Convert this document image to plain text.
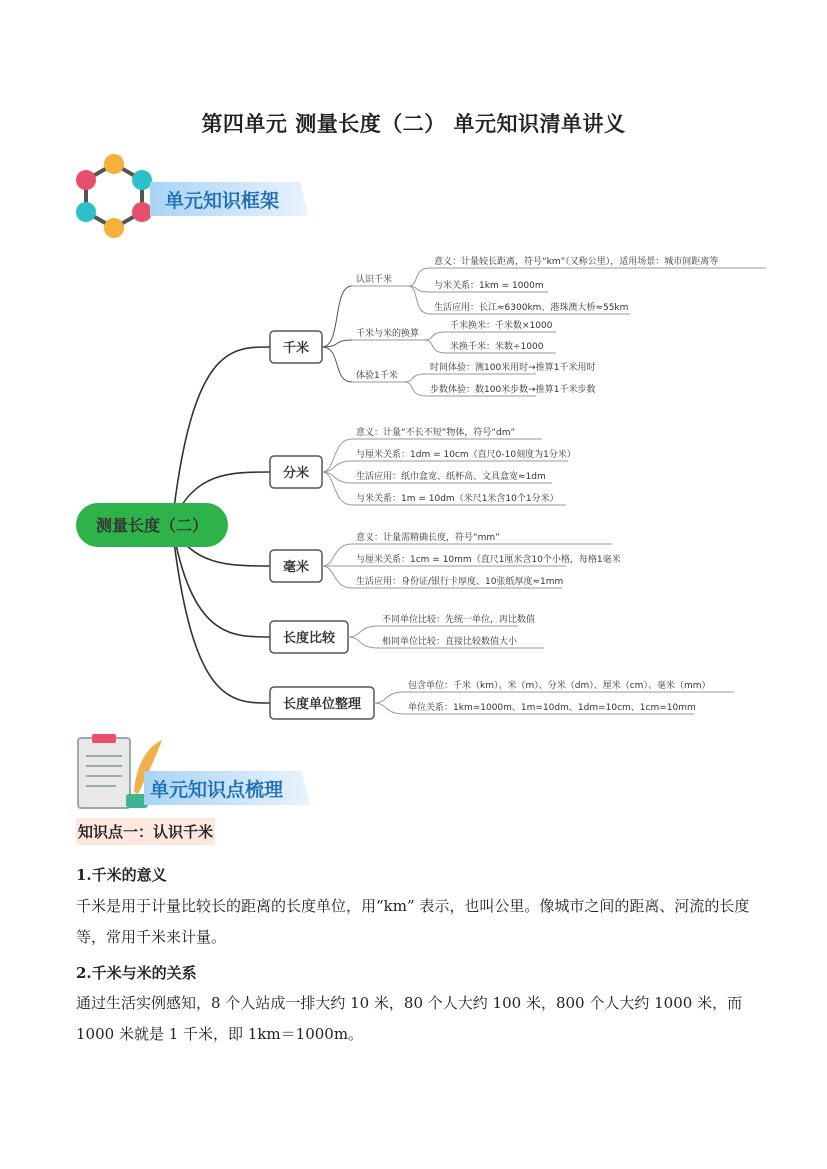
第四单元 测量长度（二） 单元知识清单讲义
单元知识框架
测量长度（二）
千米
认识千米
意义：计量较长距离，符号“km”（又称公里），适用场景：城市间距离等
与米关系：1km = 1000m
生活应用：长江≈6300km、港珠澳大桥≈55km
千米与米的换算
千米换米：千米数×1000
米换千米：米数÷1000
体验1千米
时间体验：测100米用时→推算1千米用时
步数体验：数100米步数→推算1千米步数
分米
意义：计量“不长不短”物体，符号“dm”
与厘米关系：1dm = 10cm（直尺0-10刻度为1分米）
生活应用：纸巾盒宽、纸杯高、文具盒宽≈1dm
与米关系：1m = 10dm（米尺1米含10个1分米）
毫米
意义：计量需精确长度，符号“mm”
与厘米关系：1cm = 10mm（直尺1厘米含10个小格，每格1毫米
生活应用：身份证/银行卡厚度、10张纸厚度≈1mm
长度比较
不同单位比较：先统一单位，再比数值
相同单位比较：直接比较数值大小
长度单位整理
包含单位：千米（km）、米（m）、分米（dm）、厘米（cm）、毫米（mm）
单位关系：1km=1000m、1m=10dm、1dm=10cm、1cm=10mm
单元知识点梳理
知识点一：认识千米
1.千米的意义
千米是用于计量比较长的距离的长度单位，用“km” 表示，也叫公里。像城市之间的距离、河流的长度等，常用千米来计量。
2.千米与米的关系
通过生活实例感知，8 个人站成一排大约 10 米，80 个人大约 100 米，800 个人大约 1000 米，而 1000 米就是 1 千米，即 1km＝1000m。
